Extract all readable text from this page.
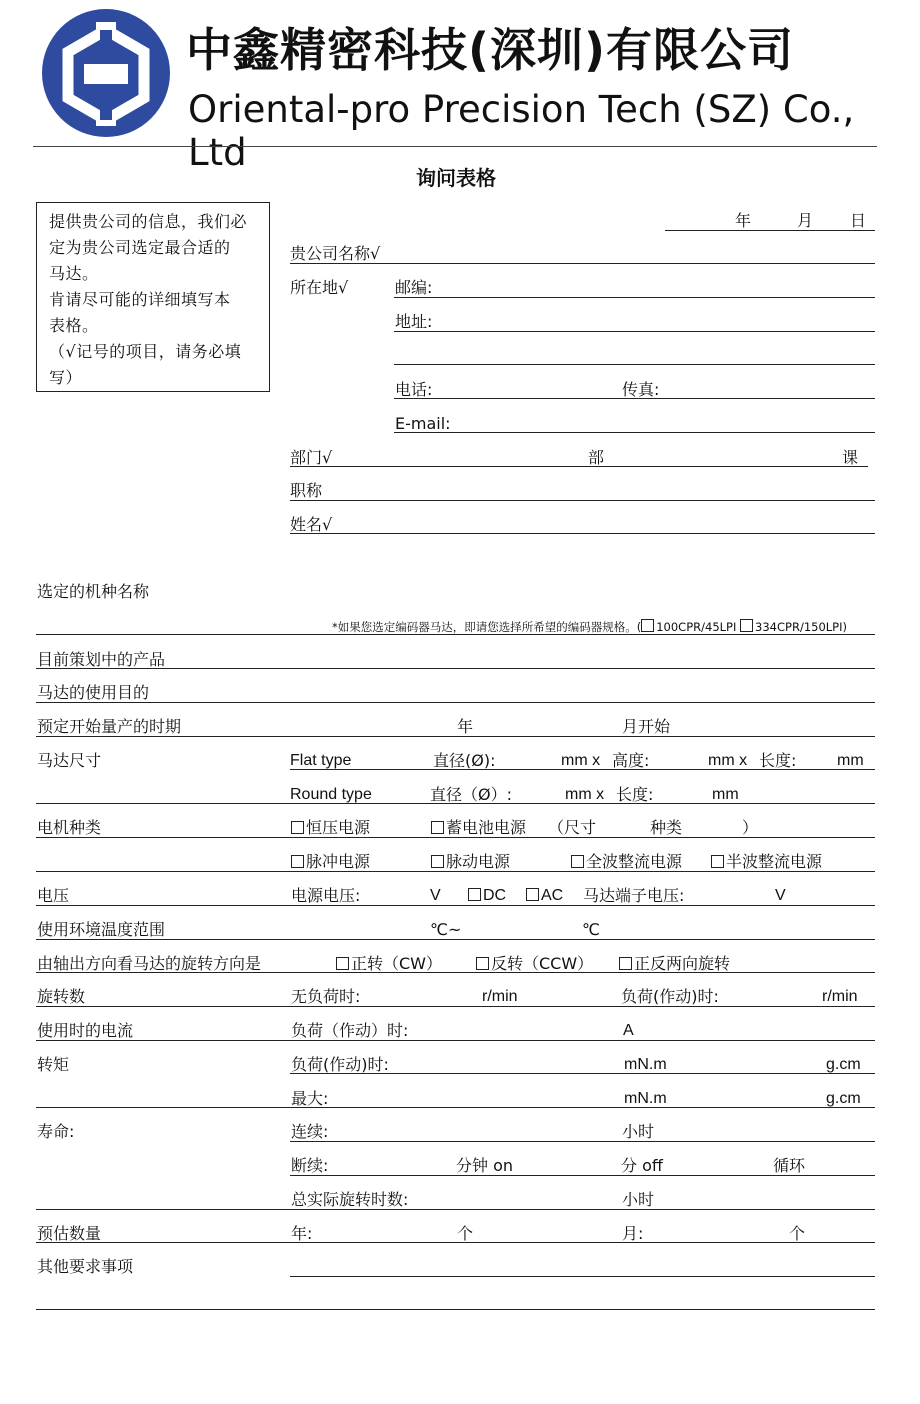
中鑫精密科技(深圳)有限公司
Oriental-pro Precision Tech (SZ) Co., Ltd
询问表格
提供贵公司的信息，我们必
定为贵公司选定最合适的
马达。
肯请尽可能的详细填写本
表格。
（√记号的项目，请务必填
写）
年	月 日
贵公司名称√
所在地√	邮编:
地址:
电话:	传真:
E-mail:
部门√	部	课
职称
姓名√
选定的机种名称
*如果您选定编码器马达，即请您选择所希望的编码器规格。( 100CPR/45LPI 334CPR/150LPI)
目前策划中的产品
马达的使用目的
预定开始量产的时期	年	月开始
马达尺寸	Flat type	直径(Ø):	mm x 高度:	mm x 长度:	mm
Round type	直径（Ø）:	mm x 长度:	mm
电机种类	恒压电源	蓄电池电源 （尺寸	种类	）
脉冲电源	脉动电源	全波整流电源	半波整流电源
电压	电源电压:	V	DC	AC 马达端子电压:	V
使用环境温度范围	℃~	℃
由轴出方向看马达的旋转方向是	正转（CW）	反转（CCW）	正反两向旋转
旋转数	无负荷时:	r/min	负荷(作动)时:	r/min
使用时的电流	负荷（作动）时:	A
转矩	负荷(作动)时:	mN.m	g.cm
最大:	mN.m	g.cm
寿命:	连续:	小时
断续:	分钟 on	分 off	循环
总实际旋转时数:	小时
预估数量	年:	个	月:	个
其他要求事项
